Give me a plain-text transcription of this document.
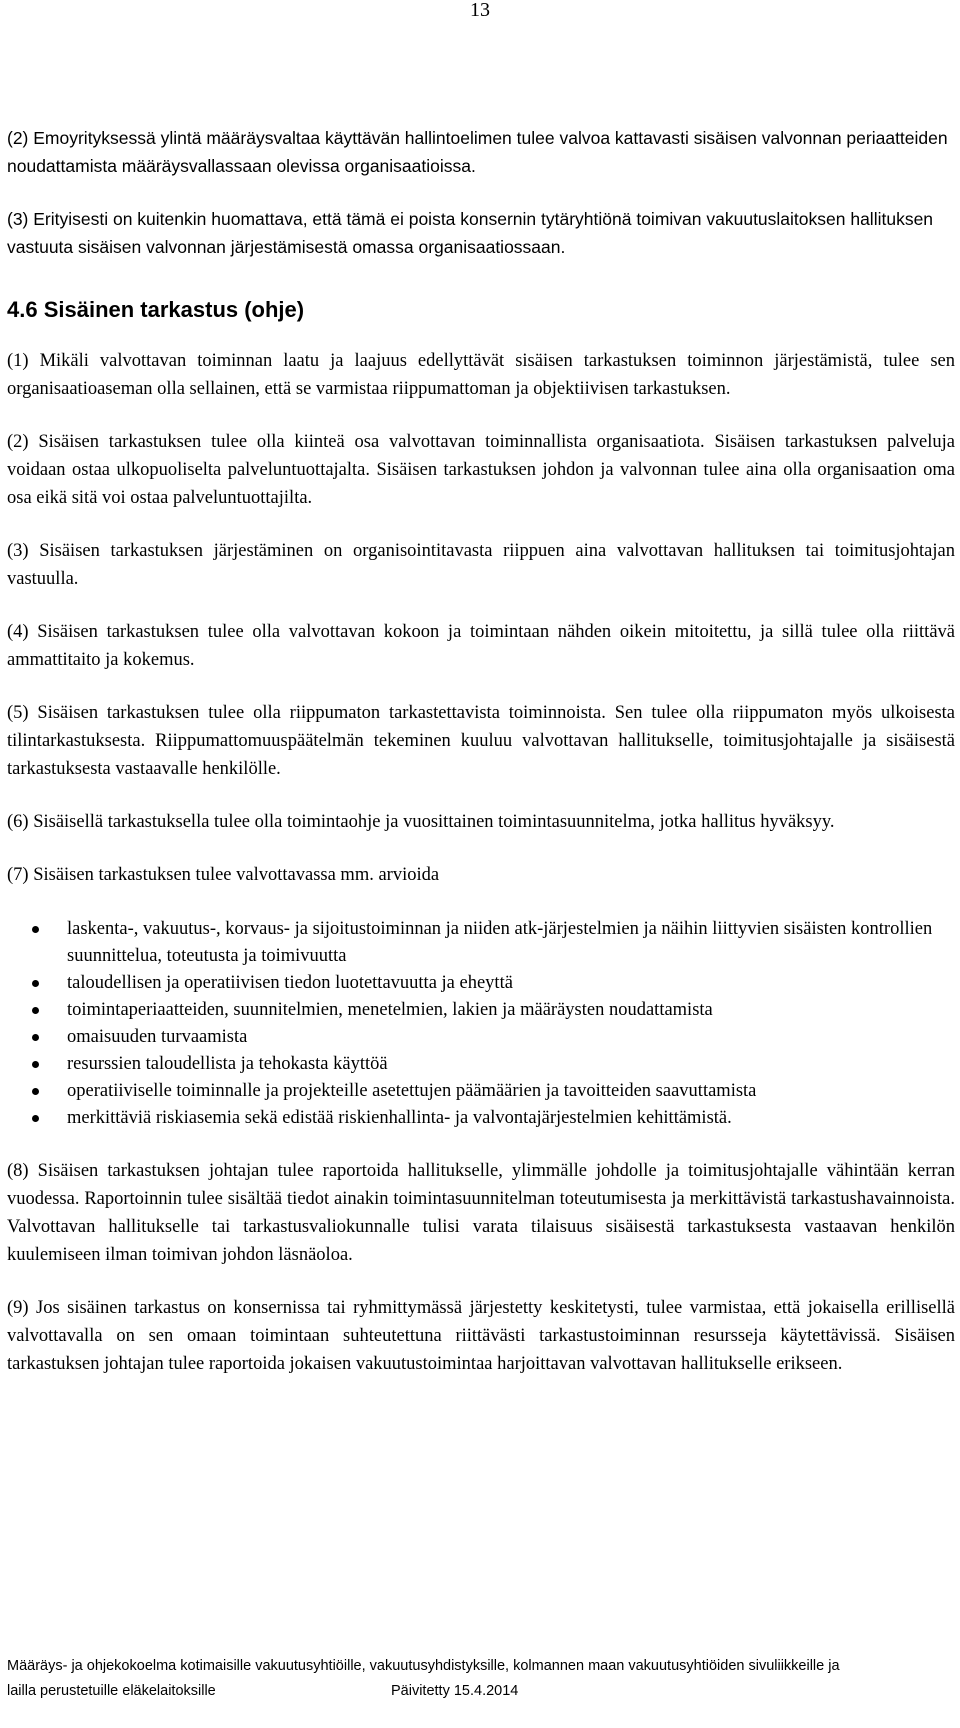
13

(2) Emoyrityksessä ylintä määräysvaltaa käyttävän hallintoelimen tulee valvoa kattavasti sisäisen valvonnan periaatteiden noudattamista määräysvallassaan olevissa organisaatioissa.

(3) Erityisesti on kuitenkin huomattava, että tämä ei poista konsernin tytäryhtiönä toimivan vakuutuslaitoksen hallituksen vastuuta sisäisen valvonnan järjestämisestä omassa organisaatiossaan.

4.6 Sisäinen tarkastus (ohje)

(1) Mikäli valvottavan toiminnan laatu ja laajuus edellyttävät sisäisen tarkastuksen toiminnon järjestämistä, tulee sen organisaatioaseman olla sellainen, että se varmistaa riippumattoman ja objektiivisen tarkastuksen.

(2) Sisäisen tarkastuksen tulee olla kiinteä osa valvottavan toiminnallista organisaatiota. Sisäisen tarkastuksen palveluja voidaan ostaa ulkopuoliselta palveluntuottajalta. Sisäisen tarkastuksen johdon ja valvonnan tulee aina olla organisaation oma osa eikä sitä voi ostaa palveluntuottajilta.

(3) Sisäisen tarkastuksen järjestäminen on organisointitavasta riippuen aina valvottavan hallituksen tai toimitusjohtajan vastuulla.

(4) Sisäisen tarkastuksen tulee olla valvottavan kokoon ja toimintaan nähden oikein mitoitettu, ja sillä tulee olla riittävä ammattitaito ja kokemus.

(5) Sisäisen tarkastuksen tulee olla riippumaton tarkastettavista toiminnoista. Sen tulee olla riippumaton myös ulkoisesta tilintarkastuksesta. Riippumattomuuspäätelmän tekeminen kuuluu valvottavan hallitukselle, toimitusjohtajalle ja sisäisestä tarkastuksesta vastaavalle henkilölle.

(6) Sisäisellä tarkastuksella tulee olla toimintaohje ja vuosittainen toimintasuunnitelma, jotka hallitus hyväksyy.

(7) Sisäisen tarkastuksen tulee valvottavassa mm. arvioida

laskenta-, vakuutus-, korvaus- ja sijoitustoiminnan ja niiden atk-järjestelmien ja näihin liittyvien sisäisten kontrollien suunnittelua, toteutusta ja toimivuutta
taloudellisen ja operatiivisen tiedon luotettavuutta ja eheyttä
toimintaperiaatteiden, suunnitelmien, menetelmien, lakien ja määräysten noudattamista
omaisuuden turvaamista
resurssien taloudellista ja tehokasta käyttöä
operatiiviselle toiminnalle ja projekteille asetettujen päämäärien ja tavoitteiden saavuttamista
merkittäviä riskiasemia sekä edistää riskienhallinta- ja valvontajärjestelmien kehittämistä.

(8) Sisäisen tarkastuksen johtajan tulee raportoida hallitukselle, ylimmälle johdolle ja toimitusjohtajalle vähintään kerran vuodessa. Raportoinnin tulee sisältää tiedot ainakin toimintasuunnitelman toteutumisesta ja merkittävistä tarkastushavainnoista. Valvottavan hallitukselle tai tarkastusvaliokunnalle tulisi varata tilaisuus sisäisestä tarkastuksesta vastaavan henkilön kuulemiseen ilman toimivan johdon läsnäoloa.

(9) Jos sisäinen tarkastus on konsernissa tai ryhmittymässä järjestetty keskitetysti, tulee varmistaa, että jokaisella erillisellä valvottavalla on sen omaan toimintaan suhteutettuna riittävästi tarkastustoiminnan resursseja käytettävissä. Sisäisen tarkastuksen johtajan tulee raportoida jokaisen vakuutustoimintaa harjoittavan valvottavan hallitukselle erikseen.

Määräys- ja ohjekokoelma kotimaisille vakuutusyhtiöille, vakuutusyhdistyksille, kolmannen maan vakuutusyhtiöiden sivuliikkeille ja
lailla perustetuille eläkelaitoksille	Päivitetty 15.4.2014
